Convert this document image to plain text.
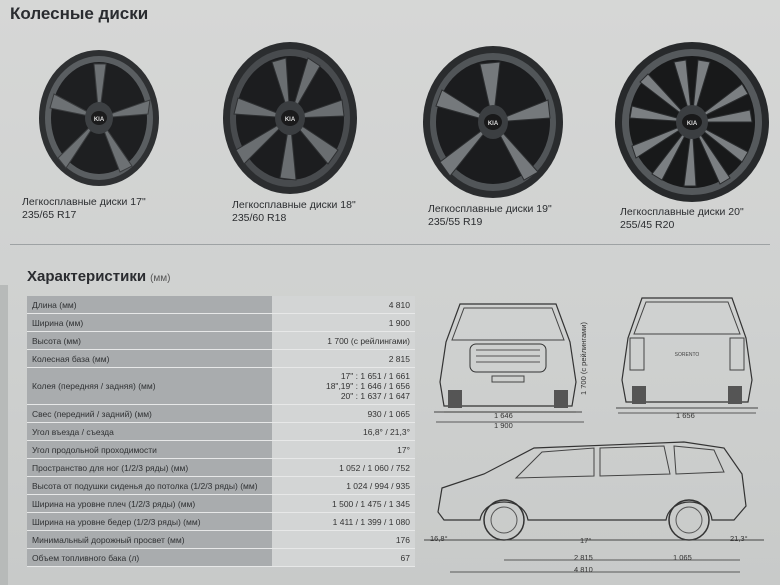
Колесные диски
KIA
Легкосплавные диски 17"
235/65 R17
KIA
Легкосплавные диски 18"
235/60 R18
KIA
Легкосплавные диски 19"
235/55 R19
KIA
Легкосплавные диски 20"
255/45 R20
Характеристики (мм)
Длина (мм)	4 810
Ширина (мм)	1 900
Высота (мм)	1 700 (с рейлингами)
Колесная база (мм)	2 815
Колея (передняя / задняя) (мм)	17" : 1 651 / 1 661
18",19" : 1 646 / 1 656
20" : 1 637 / 1 647

Свес (передний / задний) (мм)	930 / 1 065
Угол въезда / съезда	16,8° / 21,3°
Угол продольной проходимости	17°
Пространство для ног (1/2/3 ряды) (мм)	1 052 / 1 060 / 752
Высота от подушки сиденья до потолка (1/2/3 ряды) (мм)	1 024 / 994 / 935
Ширина на уровне плеч (1/2/3 ряды) (мм)	1 500 / 1 475 / 1 345
Ширина на уровне бедер (1/2/3 ряды) (мм)	1 411 / 1 399 / 1 080
Минимальный дорожный просвет (мм)	176
Объем топливного бака (л)	67
1 646
1 900
1 700 (с рейлингами)	SORENTO
1 656
16,8°	17°	21,3°
2 815	1 065
4 810
